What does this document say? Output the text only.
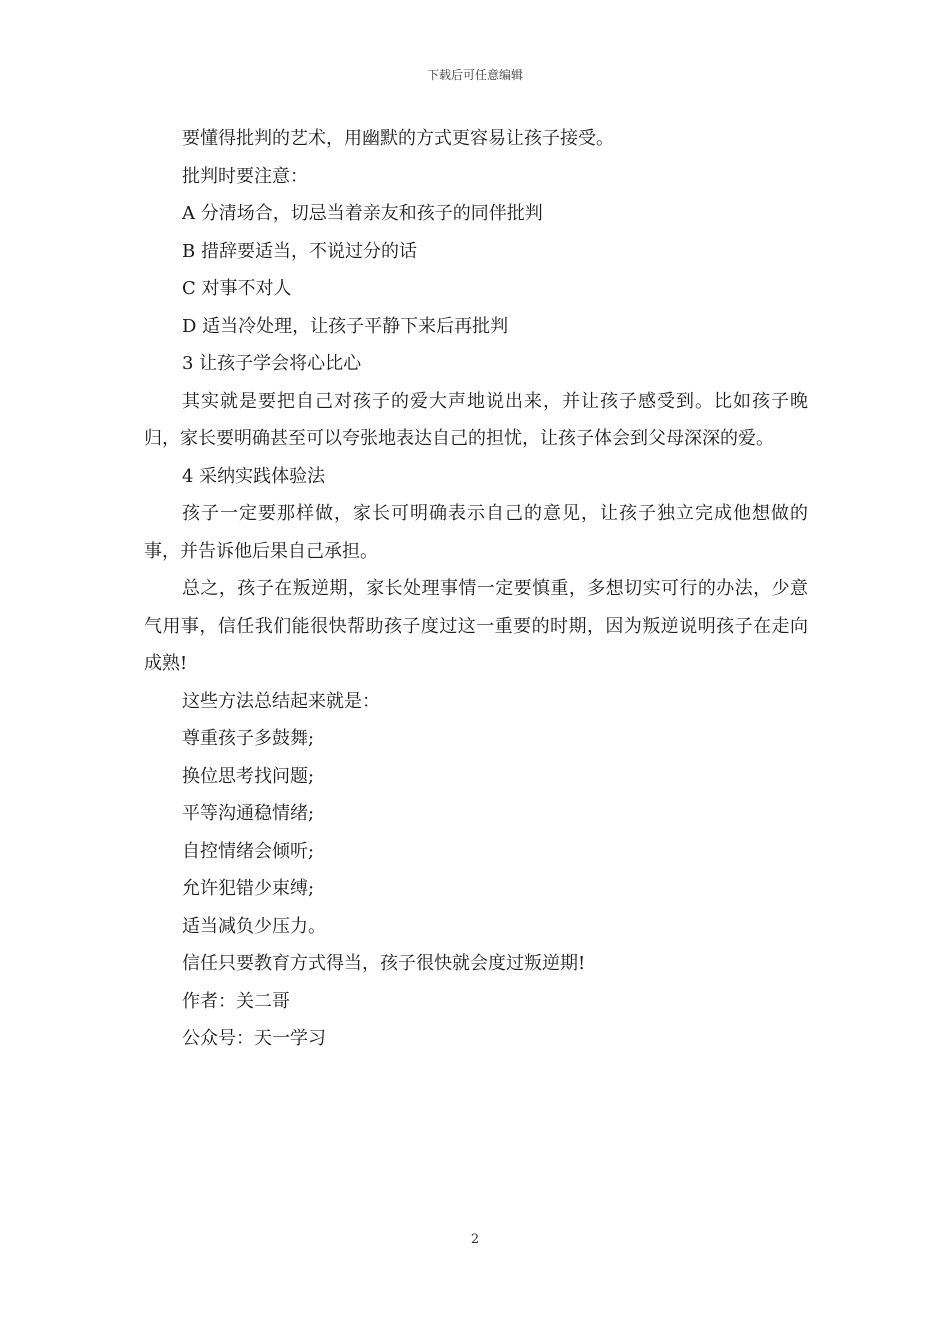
下载后可任意编辑
要懂得批判的艺术，用幽默的方式更容易让孩子接受。
批判时要注意：
A 分清场合，切忌当着亲友和孩子的同伴批判
B 措辞要适当，不说过分的话
C 对事不对人
D 适当冷处理，让孩子平静下来后再批判
3 让孩子学会将心比心

其实就是要把自己对孩子的爱大声地说出来，并让孩子感受到。比如孩子晚归，家长要明确甚至可以夸张地表达自己的担忧，让孩子体会到父母深深的爱。

4 采纳实践体验法

孩子一定要那样做，家长可明确表示自己的意见，让孩子独立完成他想做的事，并告诉他后果自己承担。

总之，孩子在叛逆期，家长处理事情一定要慎重，多想切实可行的办法，少意气用事，信任我们能很快帮助孩子度过这一重要的时期，因为叛逆说明孩子在走向成熟!

这些方法总结起来就是：
尊重孩子多鼓舞;
换位思考找问题;
平等沟通稳情绪;
自控情绪会倾听;
允许犯错少束缚;
适当减负少压力。
信任只要教育方式得当，孩子很快就会度过叛逆期!
作者：关二哥
公众号：天一学习
2
